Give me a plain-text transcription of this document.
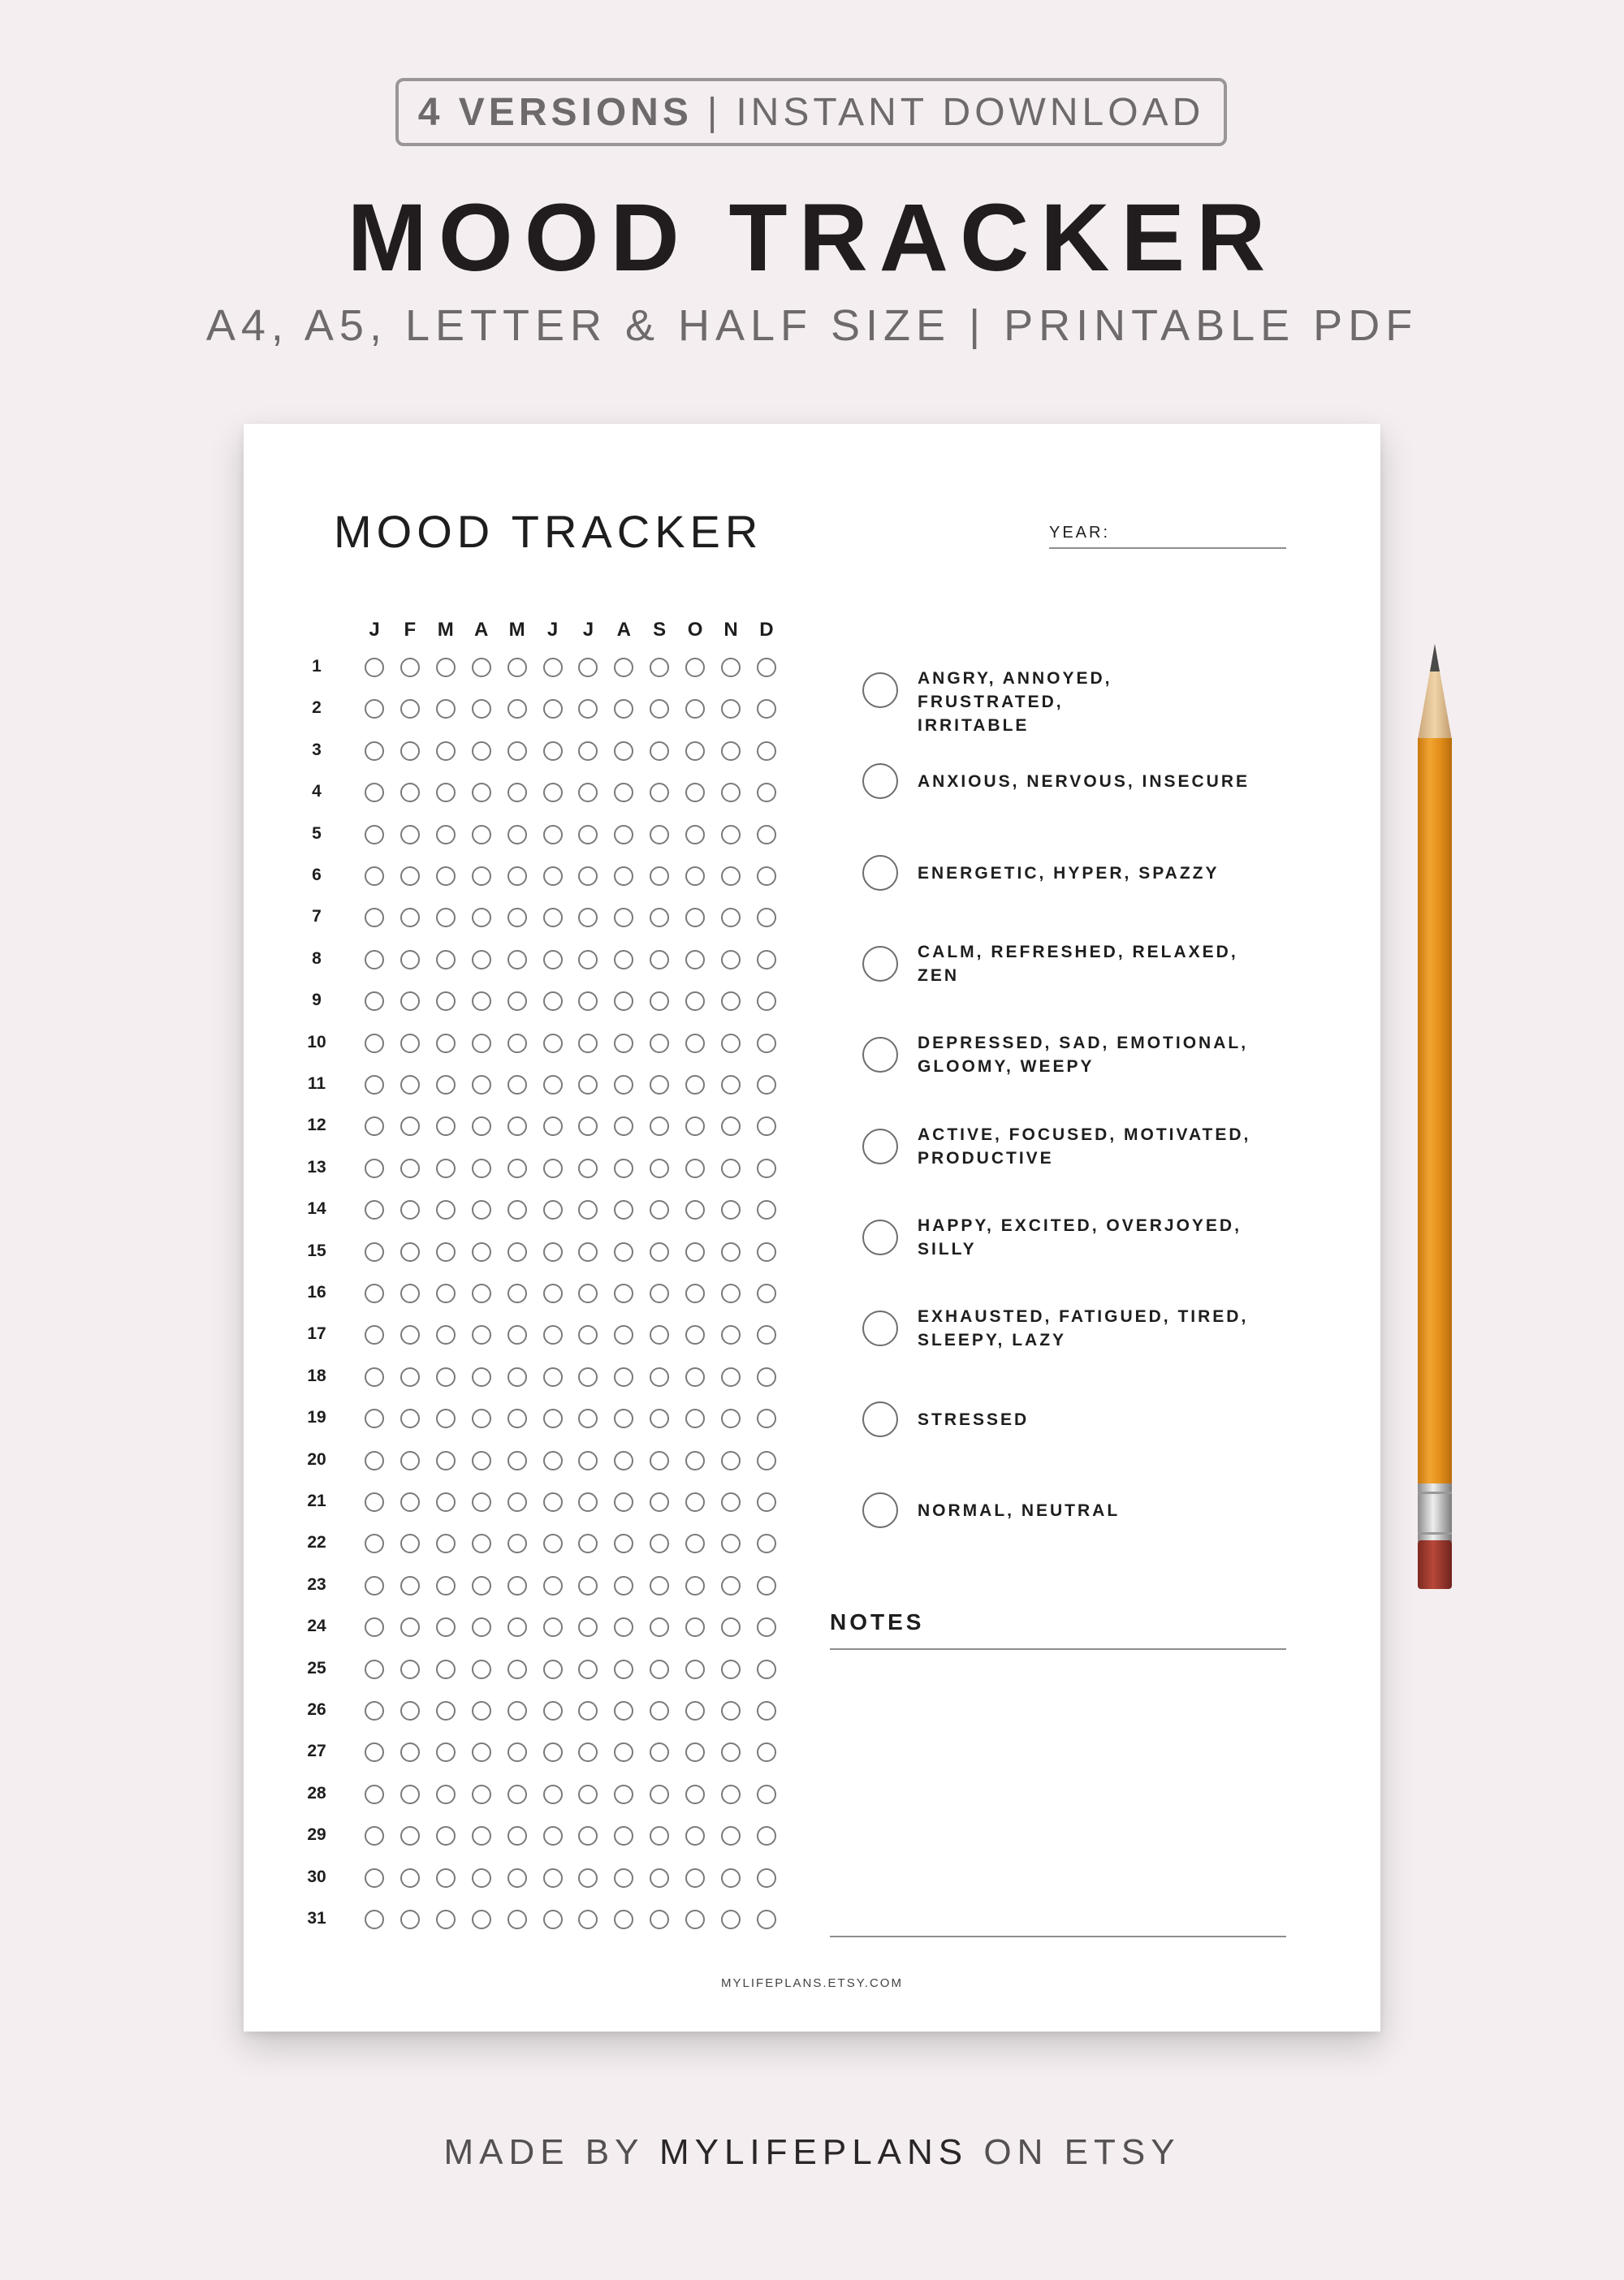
4 VERSIONS | INSTANT DOWNLOAD
MOOD TRACKER
A4, A5, LETTER & HALF SIZE | PRINTABLE PDF
MOOD TRACKER	YEAR:
J	F	M A M	J	J	A S O N D
1
2
3
4
5
6
7
8
9
10
11
12
13
14
15
16
17
18
19
20
21
22
23
24
25
26
27
28
29
30
31
ANGRY, ANNOYED, FRUSTRATED,
IRRITABLE
ANXIOUS, NERVOUS, INSECURE
ENERGETIC, HYPER, SPAZZY
CALM, REFRESHED, RELAXED,
ZEN
DEPRESSED, SAD, EMOTIONAL,
GLOOMY, WEEPY
ACTIVE, FOCUSED, MOTIVATED,
PRODUCTIVE
HAPPY, EXCITED, OVERJOYED,
SILLY
EXHAUSTED, FATIGUED, TIRED,
SLEEPY, LAZY
STRESSED
NORMAL, NEUTRAL
NOTES
MYLIFEPLANS.ETSY.COM
MADE BY MYLIFEPLANS ON ETSY
